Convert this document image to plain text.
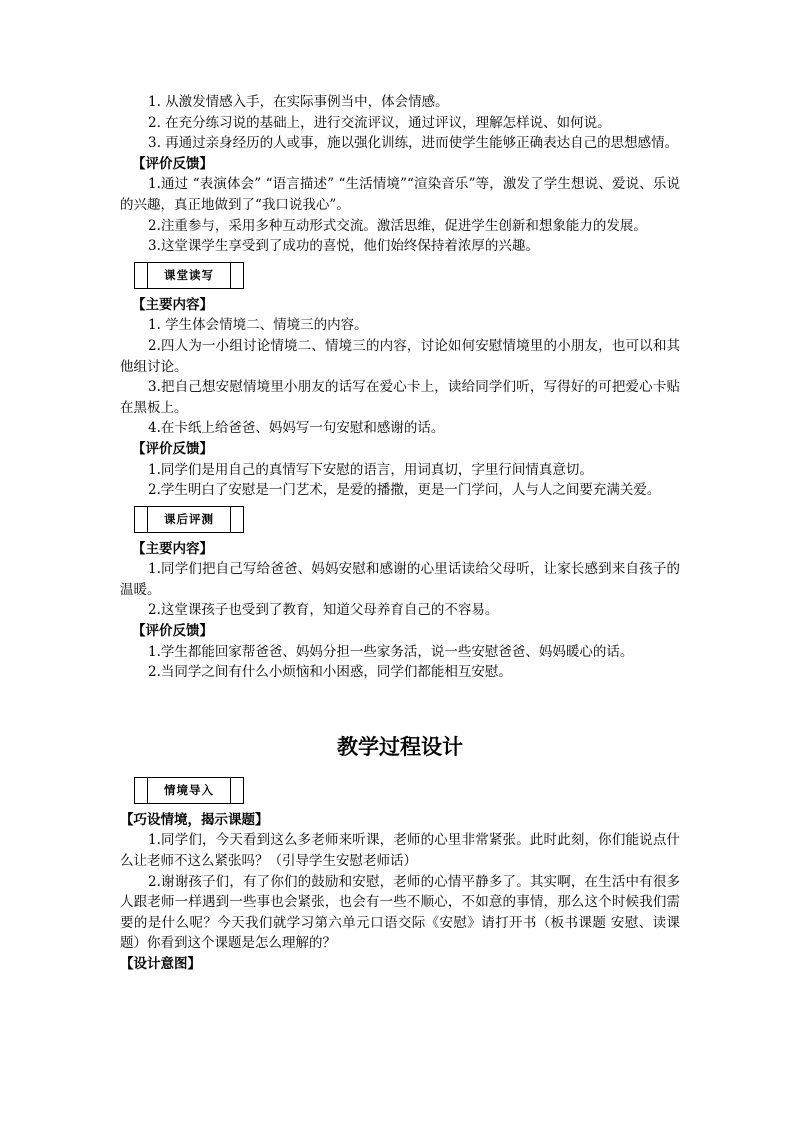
1. 从激发情感入手，在实际事例当中，体会情感。

2. 在充分练习说的基础上，进行交流评议，通过评议，理解怎样说、如何说。

3. 再通过亲身经历的人或事，施以强化训练，进而使学生能够正确表达自己的思想感情。

【评价反馈】

1.通过 “表演体会” “语言描述” “生活情境”“渲染音乐”等，激发了学生想说、爱说、乐说的兴趣，真正地做到了“我口说我心”。

2.注重参与，采用多种互动形式交流。激活思维，促进学生创新和想象能力的发展。

3.这堂课学生享受到了成功的喜悦，他们始终保持着浓厚的兴趣。

课堂读写

【主要内容】

1. 学生体会情境二、情境三的内容。

2.四人为一小组讨论情境二、情境三的内容，讨论如何安慰情境里的小朋友，也可以和其他组讨论。

3.把自己想安慰情境里小朋友的话写在爱心卡上，读给同学们听，写得好的可把爱心卡贴在黑板上。

4.在卡纸上给爸爸、妈妈写一句安慰和感谢的话。

【评价反馈】

1.同学们是用自己的真情写下安慰的语言，用词真切，字里行间情真意切。

2.学生明白了安慰是一门艺术，是爱的播撒，更是一门学问，人与人之间要充满关爱。

课后评测

【主要内容】

1.同学们把自己写给爸爸、妈妈安慰和感谢的心里话读给父母听，让家长感到来自孩子的温暖。

2.这堂课孩子也受到了教育，知道父母养育自己的不容易。

【评价反馈】

1.学生都能回家帮爸爸、妈妈分担一些家务活，说一些安慰爸爸、妈妈暖心的话。

2.当同学之间有什么小烦恼和小困惑，同学们都能相互安慰。

教学过程设计
情境导入

【巧设情境，揭示课题】

1.同学们，今天看到这么多老师来听课，老师的心里非常紧张。此时此刻，你们能说点什么让老师不这么紧张吗？（引导学生安慰老师话）

2.谢谢孩子们，有了你们的鼓励和安慰，老师的心情平静多了。其实啊，在生活中有很多人跟老师一样遇到一些事也会紧张，也会有一些不顺心，不如意的事情，那么这个时候我们需要的是什么呢？今天我们就学习第六单元口语交际《安慰》请打开书（板书课题 安慰、读课题）你看到这个课题是怎么理解的？

【设计意图】
